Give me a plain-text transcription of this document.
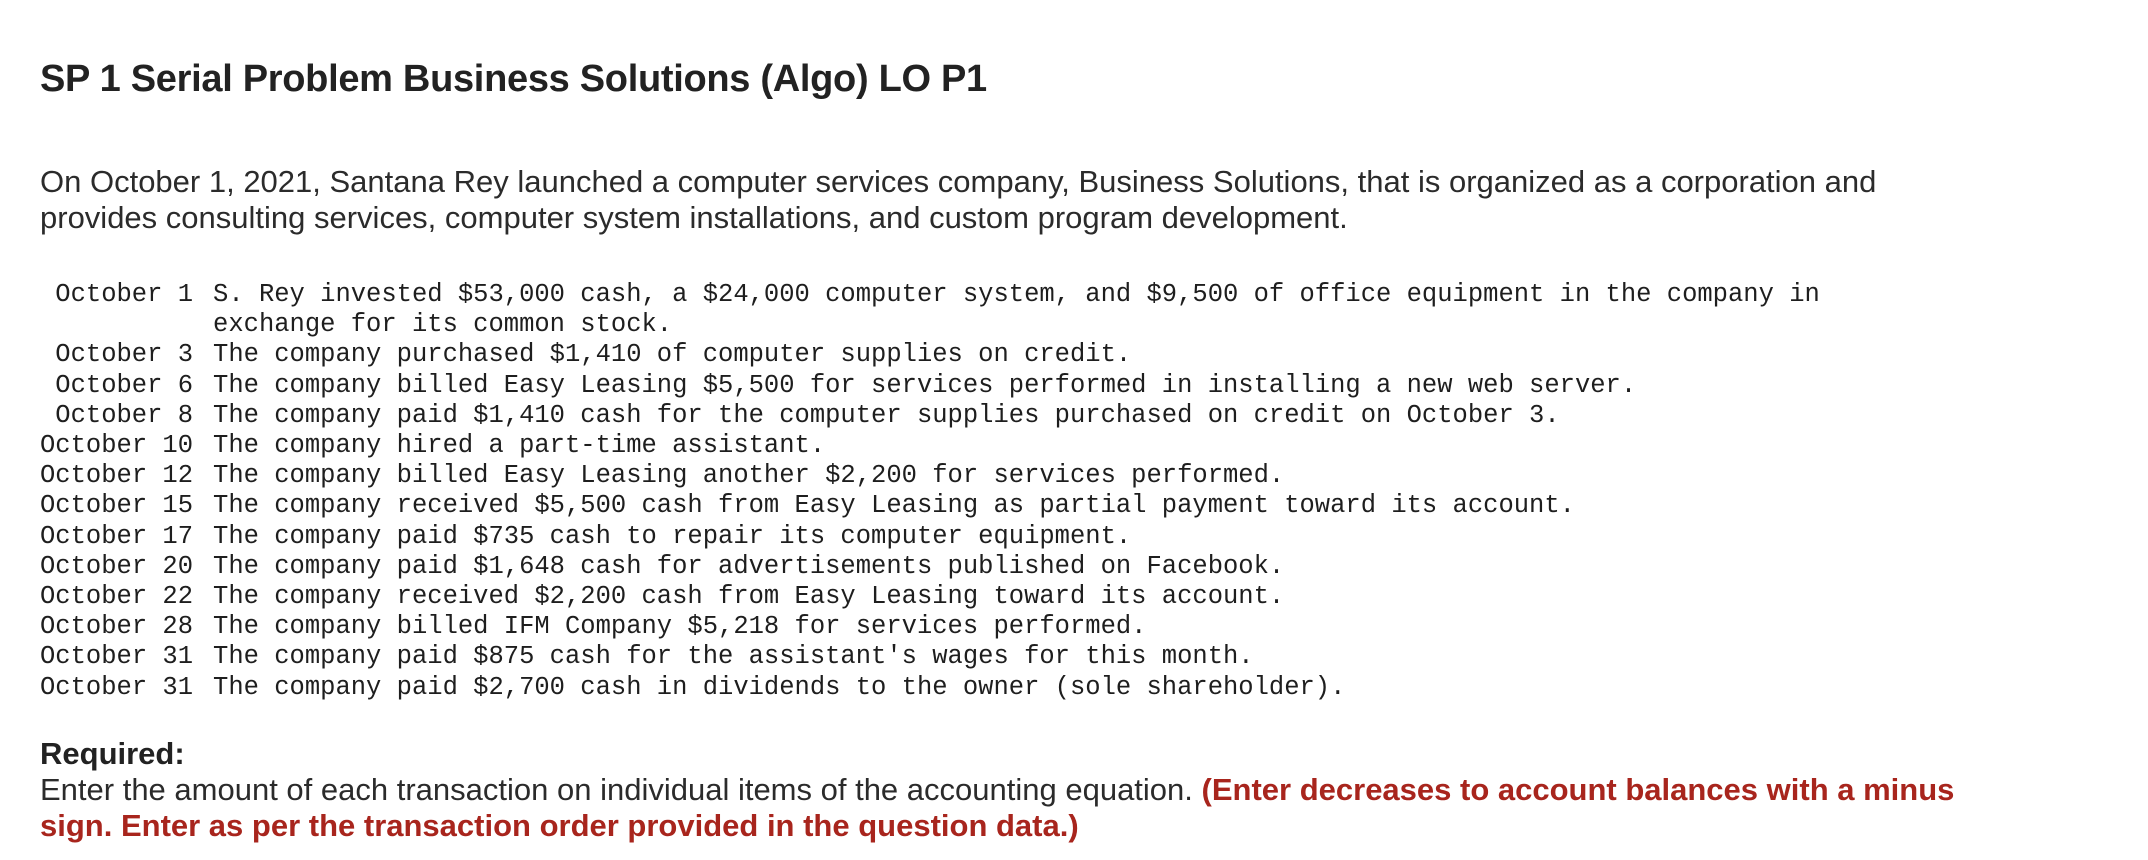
SP 1 Serial Problem Business Solutions (Algo) LO P1

On October 1, 2021, Santana Rey launched a computer services company, Business Solutions, that is organized as a corporation and provides consulting services, computer system installations, and custom program development.

October 1	S. Rey invested $53,000 cash, a $24,000 computer system, and $9,500 of office equipment in the company in exchange for its common stock.
October 3	The company purchased $1,410 of computer supplies on credit.
October 6	The company billed Easy Leasing $5,500 for services performed in installing a new web server.
October 8	The company paid $1,410 cash for the computer supplies purchased on credit on October 3.
October 10	The company hired a part-time assistant.
October 12	The company billed Easy Leasing another $2,200 for services performed.
October 15	The company received $5,500 cash from Easy Leasing as partial payment toward its account.
October 17	The company paid $735 cash to repair its computer equipment.
October 20	The company paid $1,648 cash for advertisements published on Facebook.
October 22	The company received $2,200 cash from Easy Leasing toward its account.
October 28	The company billed IFM Company $5,218 for services performed.
October 31	The company paid $875 cash for the assistant's wages for this month.
October 31	The company paid $2,700 cash in dividends to the owner (sole shareholder).

Required:

Enter the amount of each transaction on individual items of the accounting equation. (Enter decreases to account balances with a minus sign. Enter as per the transaction order provided in the question data.)
